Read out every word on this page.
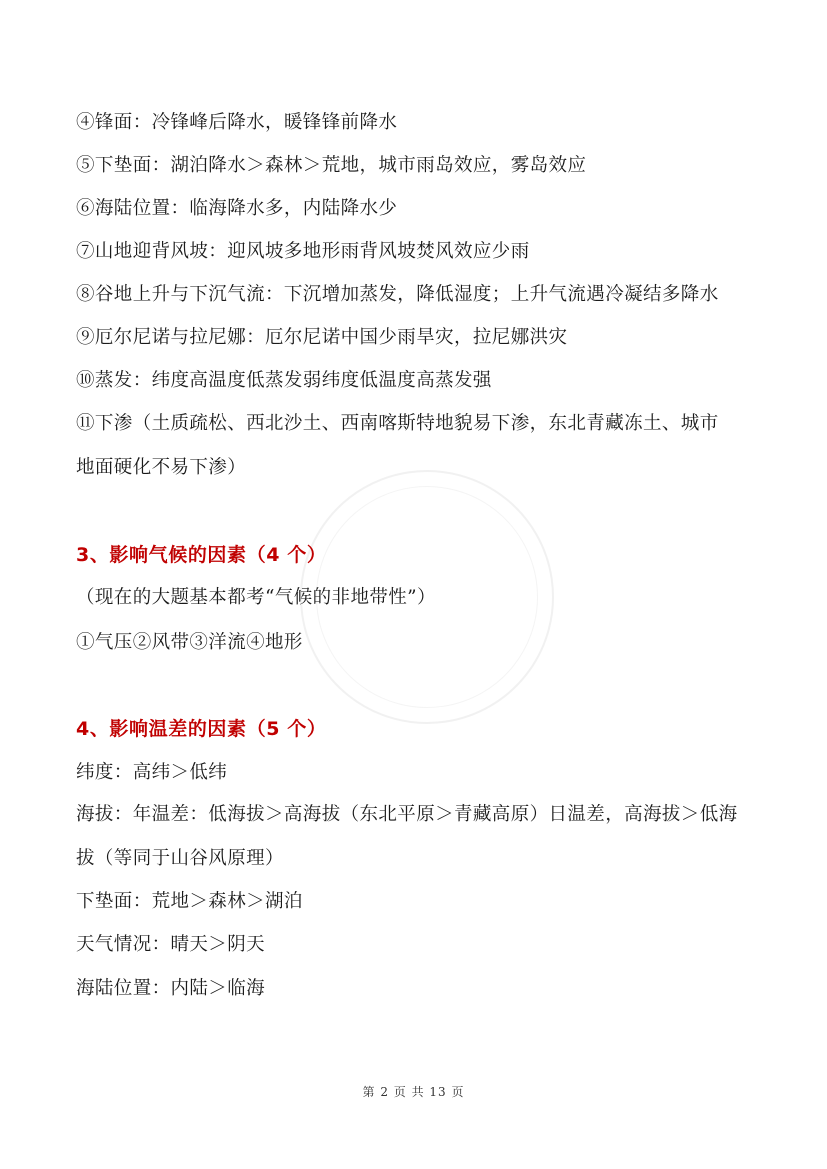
④锋面：冷锋峰后降水，暖锋锋前降水
⑤下垫面：湖泊降水＞森林＞荒地，城市雨岛效应，雾岛效应
⑥海陆位置：临海降水多，内陆降水少
⑦山地迎背风坡：迎风坡多地形雨背风坡焚风效应少雨
⑧谷地上升与下沉气流：下沉增加蒸发，降低湿度；上升气流遇冷凝结多降水
⑨厄尔尼诺与拉尼娜：厄尔尼诺中国少雨旱灾，拉尼娜洪灾
⑩蒸发：纬度高温度低蒸发弱纬度低温度高蒸发强
⑪下渗（土质疏松、西北沙土、西南喀斯特地貌易下渗，东北青藏冻土、城市
地面硬化不易下渗）
3、影响气候的因素（4 个）
（现在的大题基本都考“气候的非地带性”）
①气压②风带③洋流④地形
4、影响温差的因素（5 个）
纬度：高纬＞低纬
海拔：年温差：低海拔＞高海拔（东北平原＞青藏高原）日温差，高海拔＞低海
拔（等同于山谷风原理）
下垫面：荒地＞森林＞湖泊
天气情况：晴天＞阴天
海陆位置：内陆＞临海
第 2 页 共 13 页
